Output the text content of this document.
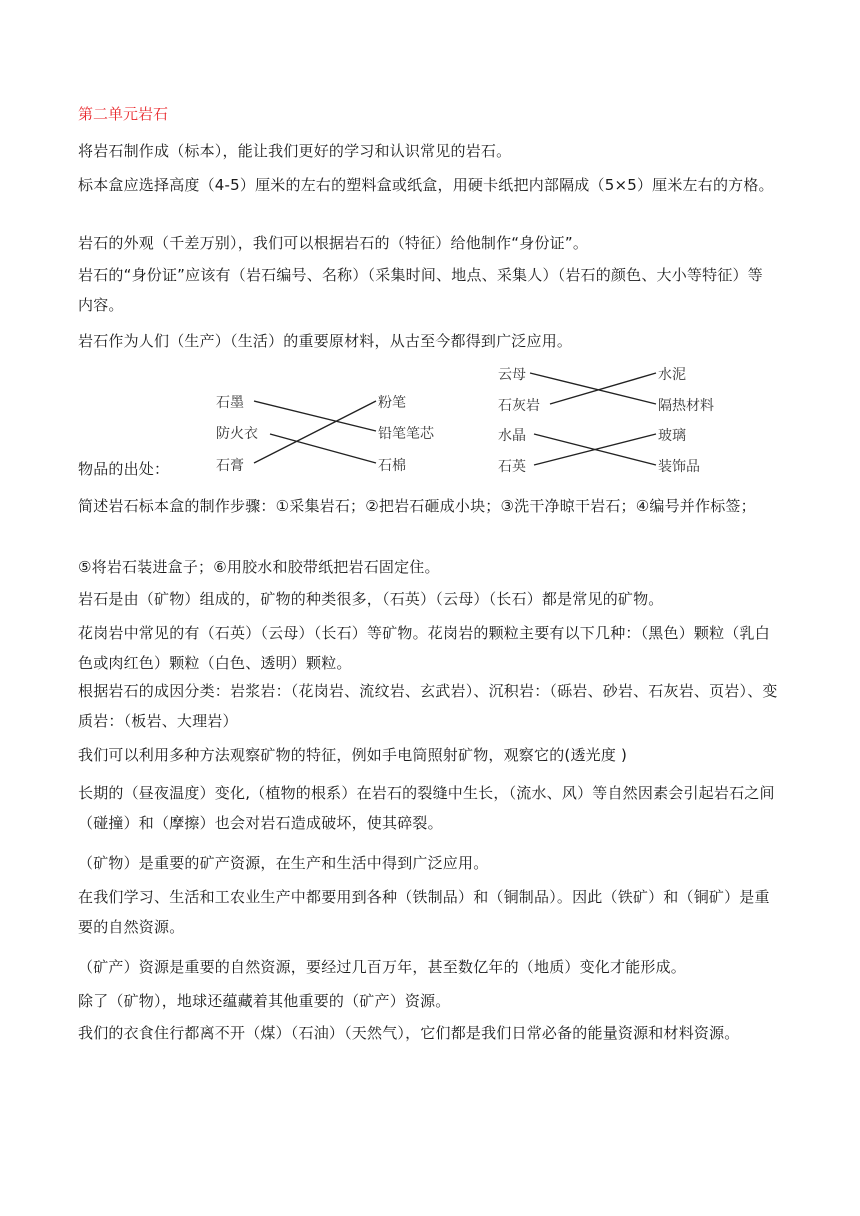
第二单元岩石

将岩石制作成（标本），能让我们更好的学习和认识常见的岩石。

标本盒应选择高度（4-5）厘米的左右的塑料盒或纸盒，用硬卡纸把内部隔成（5×5）厘米左右的方格。

岩石的外观（千差万别），我们可以根据岩石的（特征）给他制作“身份证”。

岩石的“身份证”应该有（岩石编号、名称）（采集时间、地点、采集人）（岩石的颜色、大小等特征）等内容。

岩石作为人们（生产）（生活）的重要原材料，从古至今都得到广泛应用。

物品的出处：

简述岩石标本盒的制作步骤：①采集岩石；②把岩石砸成小块；③洗干净晾干岩石；④编号并作标签；

⑤将岩石装进盒子；⑥用胶水和胶带纸把岩石固定住。

岩石是由（矿物）组成的，矿物的种类很多，（石英）（云母）（长石）都是常见的矿物。

花岗岩中常见的有（石英）（云母）（长石）等矿物。花岗岩的颗粒主要有以下几种：（黑色）颗粒（乳白色或肉红色）颗粒（白色、透明）颗粒。

根据岩石的成因分类：岩浆岩：（花岗岩、流纹岩、玄武岩）、沉积岩：（砾岩、砂岩、石灰岩、页岩）、变质岩：（板岩、大理岩）

我们可以利用多种方法观察矿物的特征，例如手电筒照射矿物，观察它的(透光度 )

长期的（昼夜温度）变化,（植物的根系）在岩石的裂缝中生长，（流水、风）等自然因素会引起岩石之间（碰撞）和（摩擦）也会对岩石造成破坏，使其碎裂。

（矿物）是重要的矿产资源，在生产和生活中得到广泛应用。

在我们学习、生活和工农业生产中都要用到各种（铁制品）和（铜制品）。因此（铁矿）和（铜矿）是重要的自然资源。

（矿产）资源是重要的自然资源，要经过几百万年，甚至数亿年的（地质）变化才能形成。

除了（矿物），地球还蕴藏着其他重要的（矿产）资源。

我们的衣食住行都离不开（煤）（石油）（天然气），它们都是我们日常必备的能量资源和材料资源。

石墨
防火衣
石膏
粉笔
铅笔笔芯
石棉
云母
石灰岩
水泥
隔热材料
水晶
石英
玻璃
装饰品
